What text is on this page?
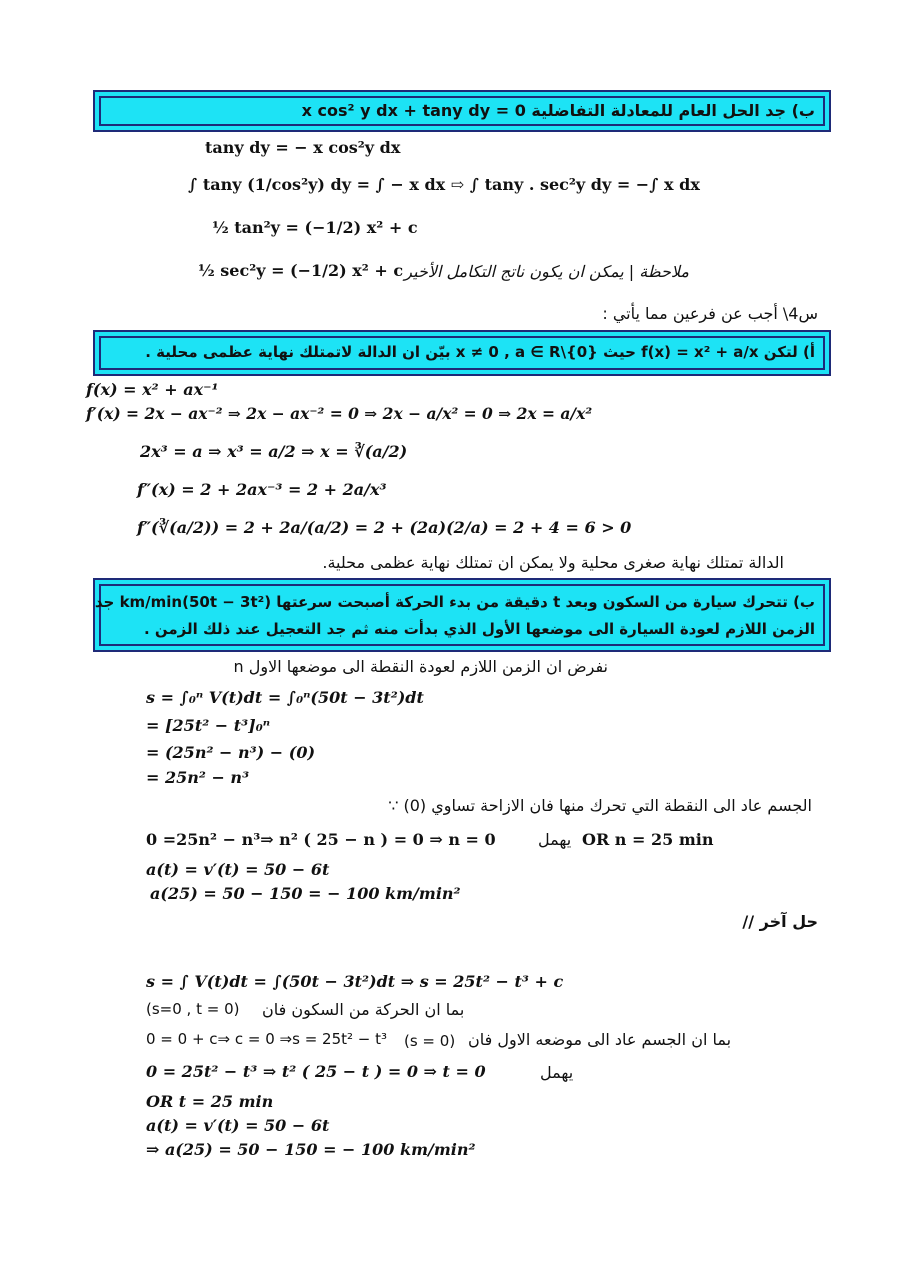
ب) جد الحل العام للمعادلة التفاضلية x cos² y dx + tany dy = 0
tany dy = − x cos²y dx
∫ tany (1/cos²y) dy = ∫ − x dx ⇨ ∫ tany . sec²y dy = −∫ x dx
½ tan²y = (−1/2) x² + c
½ sec²y = (−1/2) x² + c ملاحظة | يمكن ان يكون ناتج التكامل الأخير
س4\ أجب عن فرعين مما يأتي :
أ) لتكن f(x) = x² + a/x حيث x ≠ 0 , a ∈ R\{0} بيّن ان الدالة لاتمتلك نهاية عظمى محلية .
f(x) = x² + ax⁻¹
f′(x) = 2x − ax⁻² ⇒ 2x − ax⁻² = 0 ⇒ 2x − a/x² = 0 ⇒ 2x = a/x²
2x³ = a ⇒ x³ = a/2 ⇒ x = ∛(a/2)
f″(x) = 2 + 2ax⁻³ = 2 + 2a/x³
f″(∛(a/2)) = 2 + 2a/(a/2) = 2 + (2a)(2/a) = 2 + 4 = 6 > 0
الدالة تمتلك نهاية صغرى محلية ولا يمكن ان تمتلك نهاية عظمى محلية.
ب) تتحرك سيارة من السكون وبعد t دقيقة من بدء الحركة أصبحت سرعتها (50t − 3t²)km/min جد
الزمن اللازم لعودة السيارة الى موضعها الأول الذي بدأت منه ثم جد التعجيل عند ذلك الزمن .
نفرض ان الزمن اللازم لعودة النقطة الى موضعها الاول n
s = ∫₀ⁿ V(t)dt = ∫₀ⁿ(50t − 3t²)dt
= [25t² − t³]₀ⁿ
= (25n² − n³) − (0)
= 25n² − n³
الجسم عاد الى النقطة التي تحرك منها فان الازاحة تساوي (0) ∵
0 =25n² − n³⇒ n² ( 25 − n ) = 0 ⇒ n = 0	يهمل OR n = 25 min
a(t) = v′(t) = 50 − 6t
a(25) = 50 − 150 = − 100 km/min²
حل آخر //
s = ∫ V(t)dt = ∫(50t − 3t²)dt ⇒ s = 25t² − t³ + c
بما ان الحركة من السكون فان
(s=0 , t = 0)
0 = 0 + c⇒ c = 0 ⇒s = 25t² − t³ (s = 0) بما ان الجسم عاد الى موضعه الاول فان
0 = 25t² − t³ ⇒ t² ( 25 − t ) = 0 ⇒ t = 0	يهمل
OR t = 25 min
a(t) = v′(t) = 50 − 6t
⇒ a(25) = 50 − 150 = − 100 km/min²
